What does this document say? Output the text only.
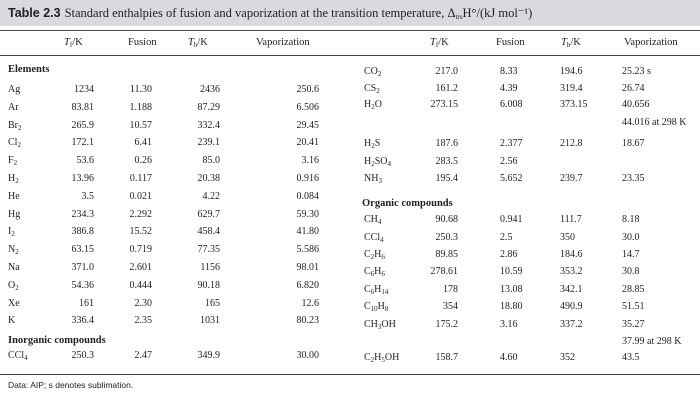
Table 2.3 Standard enthalpies of fusion and vaporization at the transition temperature, $\Delta_{trs}H^\circ/(kJ$ mol⁻¹)
$T_f/K$	Fusion	$T_b/K$	Vaporization	$T_f/K$	Fusion	$T_b/K$	Vaporization
Elements
Inorganic compounds
Organic compounds
Ag	1234	11.30	2436	250.6
Ar	83.81	1.188	87.29	6.506
$Br_2$	265.9	10.57	332.4	29.45
$Cl_2$	172.1	6.41	239.1	20.41
$F_2$	53.6	0.26	85.0	3.16
$H_2$	13.96	0.117	20.38	0.916
He	3.5	0.021	4.22	0.084
Hg	234.3	2.292	629.7	59.30
$I_2$	386.8	15.52	458.4	41.80
$N_2$	63.15	0.719	77.35	5.586
Na	371.0	2.601	1156	98.01
$O_2$	54.36	0.444	90.18	6.820
Xe	161	2.30	165	12.6
K	336.4	2.35	1031	80.23
CCl$_4$	250.3	2.47	349.9	30.00
$CO_2$	217.0	8.33	194.6	25.23 s
$CS_2$	161.2	4.39	319.4	26.74
$H_2O$	273.15	6.008	373.15	40.656
44.016 at 298 K
$H_2S$	187.6	2.377	212.8	18.67
$H_2SO_4$	283.5	2.56
$NH_3$	195.4	5.652	239.7	23.35
$CH_4$	90.68	0.941	111.7	8.18
CCl$_4$	250.3	2.5	350	30.0
$C_2H_6$	89.85	2.86	184.6	14.7
$C_6H_6$	278.61	10.59	353.2	30.8
$C_6H_{14}$	178	13.08	342.1	28.85
$C_{10}H_8$	354	18.80	490.9	51.51
$CH_3OH$	175.2	3.16	337.2	35.27
37.99 at 298 K
$C_2H_5OH$	158.7	4.60	352	43.5
Data: AIP; s denotes sublimation.
